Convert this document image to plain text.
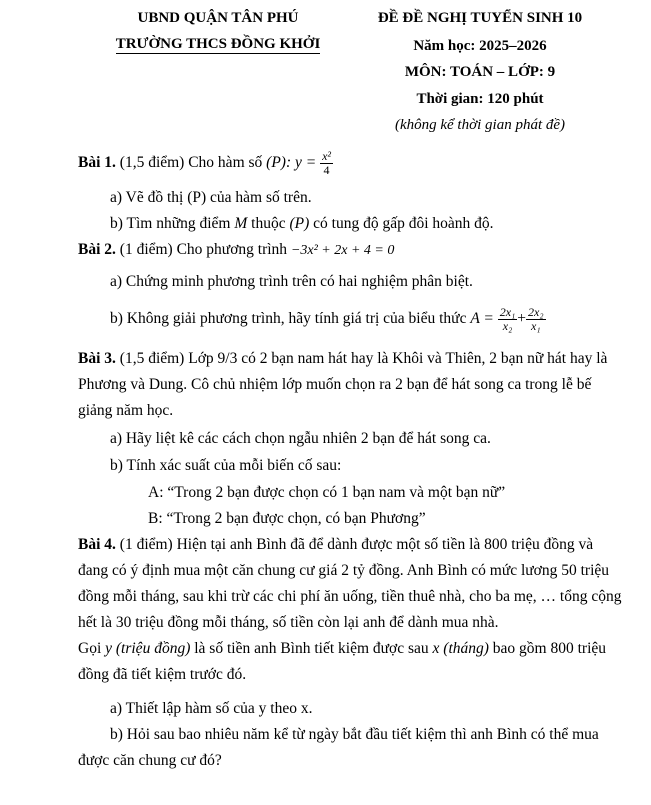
UBND QUẬN TÂN PHÚ
TRƯỜNG THCS ĐỒNG KHỞI
ĐỀ ĐỀ NGHỊ TUYỂN SINH 10
Năm học: 2025–2026
MÔN: TOÁN – LỚP: 9
Thời gian: 120 phút
(không kể thời gian phát đề)
Bài 1. (1,5 điểm) Cho hàm số (P): $y = \frac{\text{x²}}{4}$
a) Vẽ đồ thị (P) của hàm số trên.
b) Tìm những điểm M thuộc (P) có tung độ gấp đôi hoành độ.
Bài 2. (1 điểm) Cho phương trình −3x² + 2x + 4 = 0
a) Chứng minh phương trình trên có hai nghiệm phân biệt.
b) Không giải phương trình, hãy tính giá trị của biểu thức $A = \frac{\text{2x₁}}{\text{x₂}} + \frac{\text{2x₂}}{\text{x₁}}$
Bài 3. (1,5 điểm) Lớp 9/3 có 2 bạn nam hát hay là Khôi và Thiên, 2 bạn nữ hát hay là
Phương và Dung. Cô chủ nhiệm lớp muốn chọn ra 2 bạn để hát song ca trong lễ bế
giảng năm học.
a) Hãy liệt kê các cách chọn ngẫu nhiên 2 bạn để hát song ca.
b) Tính xác suất của mỗi biến cố sau:
A: “Trong 2 bạn được chọn có 1 bạn nam và một bạn nữ”
B: “Trong 2 bạn được chọn, có bạn Phương”
Bài 4. (1 điểm) Hiện tại anh Bình đã để dành được một số tiền là 800 triệu đồng và
đang có ý định mua một căn chung cư giá 2 tỷ đồng. Anh Bình có mức lương 50 triệu
đồng mỗi tháng, sau khi trừ các chi phí ăn uống, tiền thuê nhà, cho ba mẹ, … tổng cộng
hết là 30 triệu đồng mỗi tháng, số tiền còn lại anh để dành mua nhà.
Gọi y (triệu đồng) là số tiền anh Bình tiết kiệm được sau x (tháng) bao gồm 800 triệu
đồng đã tiết kiệm trước đó.
a) Thiết lập hàm số của y theo x.
b) Hỏi sau bao nhiêu năm kể từ ngày bắt đầu tiết kiệm thì anh Bình có thể mua
được căn chung cư đó?
